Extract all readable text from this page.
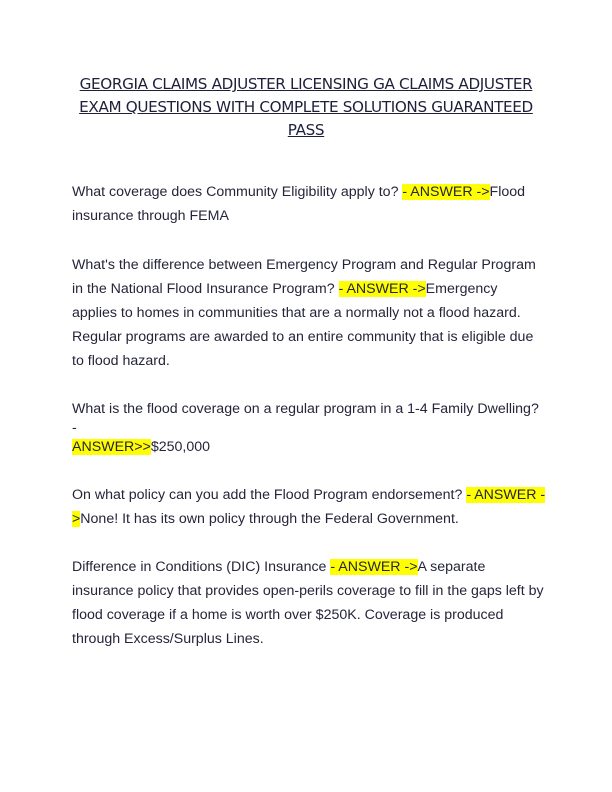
GEORGIA CLAIMS ADJUSTER LICENSING GA CLAIMS ADJUSTER
EXAM QUESTIONS WITH COMPLETE SOLUTIONS GUARANTEED
PASS
What coverage does Community Eligibility apply to? - ANSWER ->Flood
insurance through FEMA
What's the difference between Emergency Program and Regular Program
in the National Flood Insurance Program? - ANSWER ->Emergency
applies to homes in communities that are a normally not a flood hazard.
Regular programs are awarded to an entire community that is eligible due
to flood hazard.
What is the flood coverage on a regular program in a 1-4 Family Dwelling?
-
ANSWER>>$250,000
On what policy can you add the Flood Program endorsement? - ANSWER -
>None! It has its own policy through the Federal Government.
Difference in Conditions (DIC) Insurance - ANSWER ->A separate
insurance policy that provides open-perils coverage to fill in the gaps left by
flood coverage if a home is worth over $250K. Coverage is produced
through Excess/Surplus Lines.
